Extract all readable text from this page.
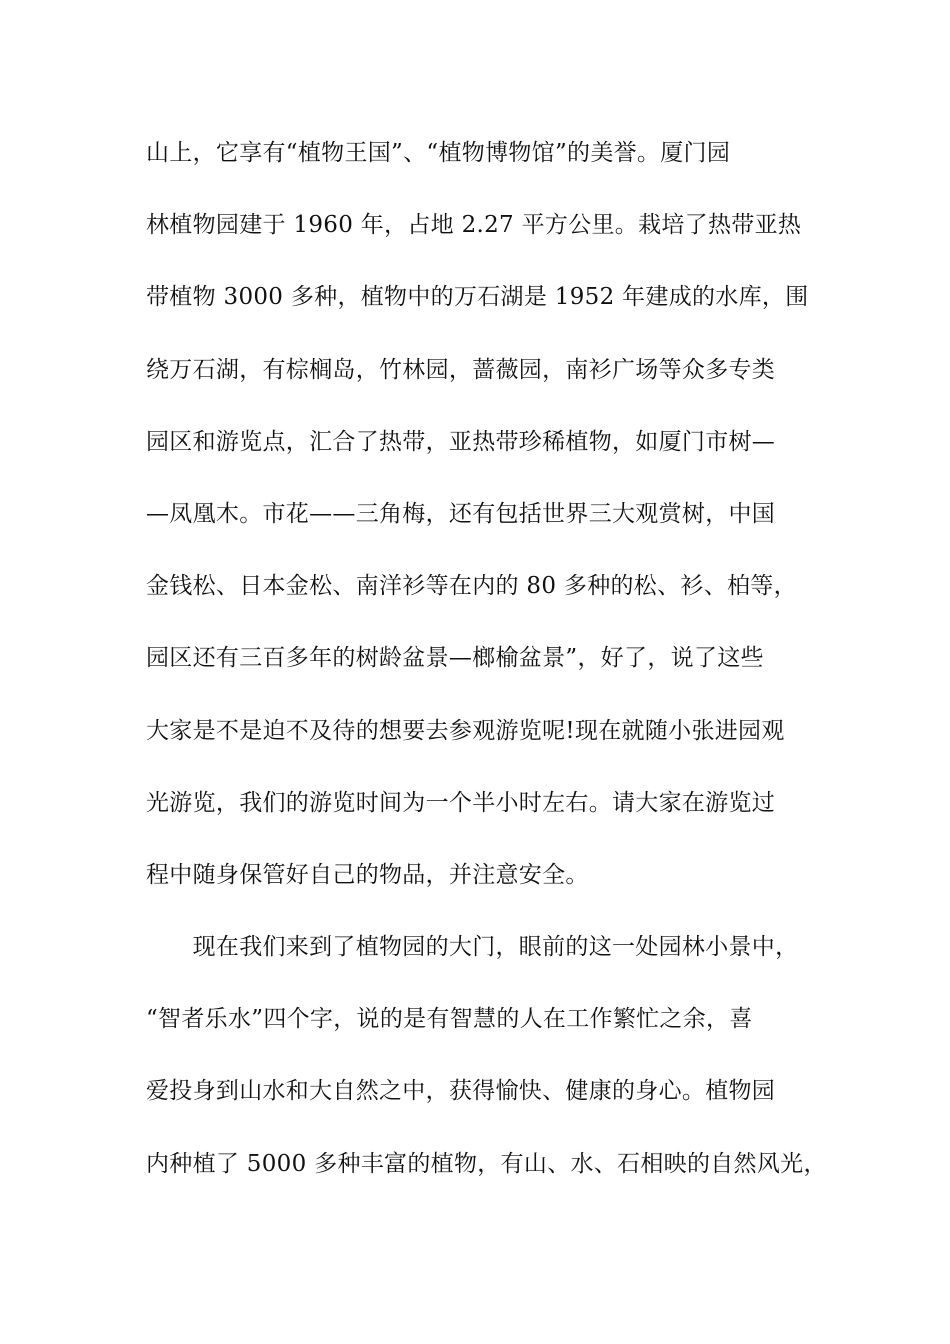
山上，它享有“植物王国”、“植物博物馆”的美誉。厦门园
林植物园建于 1960 年，占地 2.27 平方公里。栽培了热带亚热
带植物 3000 多种，植物中的万石湖是 1952 年建成的水库，围
绕万石湖，有棕榈岛，竹林园，蔷薇园，南衫广场等众多专类
园区和游览点，汇合了热带，亚热带珍稀植物，如厦门市树—
—凤凰木。市花——三角梅，还有包括世界三大观赏树，中国
金钱松、日本金松、南洋衫等在内的 80 多种的松、衫、柏等，
园区还有三百多年的树龄盆景—榔榆盆景”，好了，说了这些
大家是不是迫不及待的想要去参观游览呢!现在就随小张进园观
光游览，我们的游览时间为一个半小时左右。请大家在游览过
程中随身保管好自己的物品，并注意安全。
　　现在我们来到了植物园的大门，眼前的这一处园林小景中，
“智者乐水”四个字，说的是有智慧的人在工作繁忙之余，喜
爱投身到山水和大自然之中，获得愉快、健康的身心。植物园
内种植了 5000 多种丰富的植物，有山、水、石相映的自然风光，
